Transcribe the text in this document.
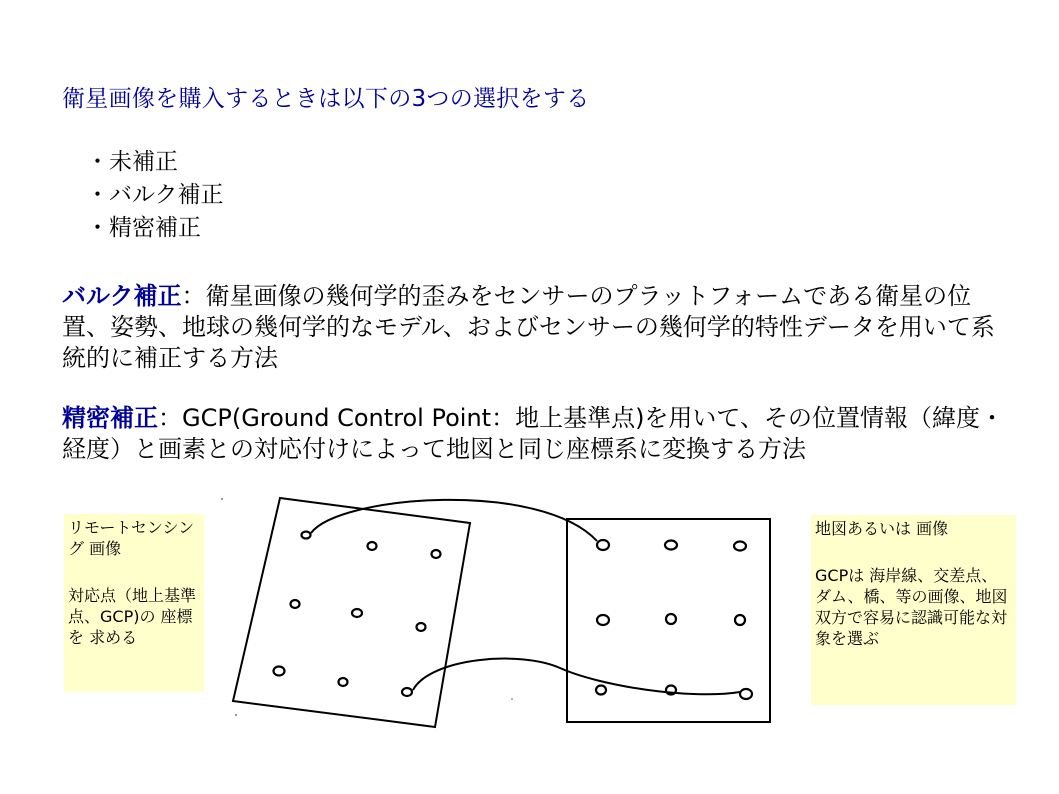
衛星画像を購入するときは以下の3つの選択をする
・未補正
・バルク補正
・精密補正

バルク補正：衛星画像の幾何学的歪みをセンサーのプラットフォームである衛星の位置、姿勢、地球の幾何学的なモデル、およびセンサーの幾何学的特性データを用いて系統的に補正する方法

精密補正：GCP(Ground Control Point：地上基準点)を用いて、その位置情報（緯度・経度）と画素との対応付けによって地図と同じ座標系に変換する方法

リモートセンシング 画像

対応点（地上基準点、GCP)の 座標を 求める

地図あるいは 画像

GCPは 海岸線、交差点、ダム、橋、等の画像、地図双方で容易に認識可能な対象を選ぶ
